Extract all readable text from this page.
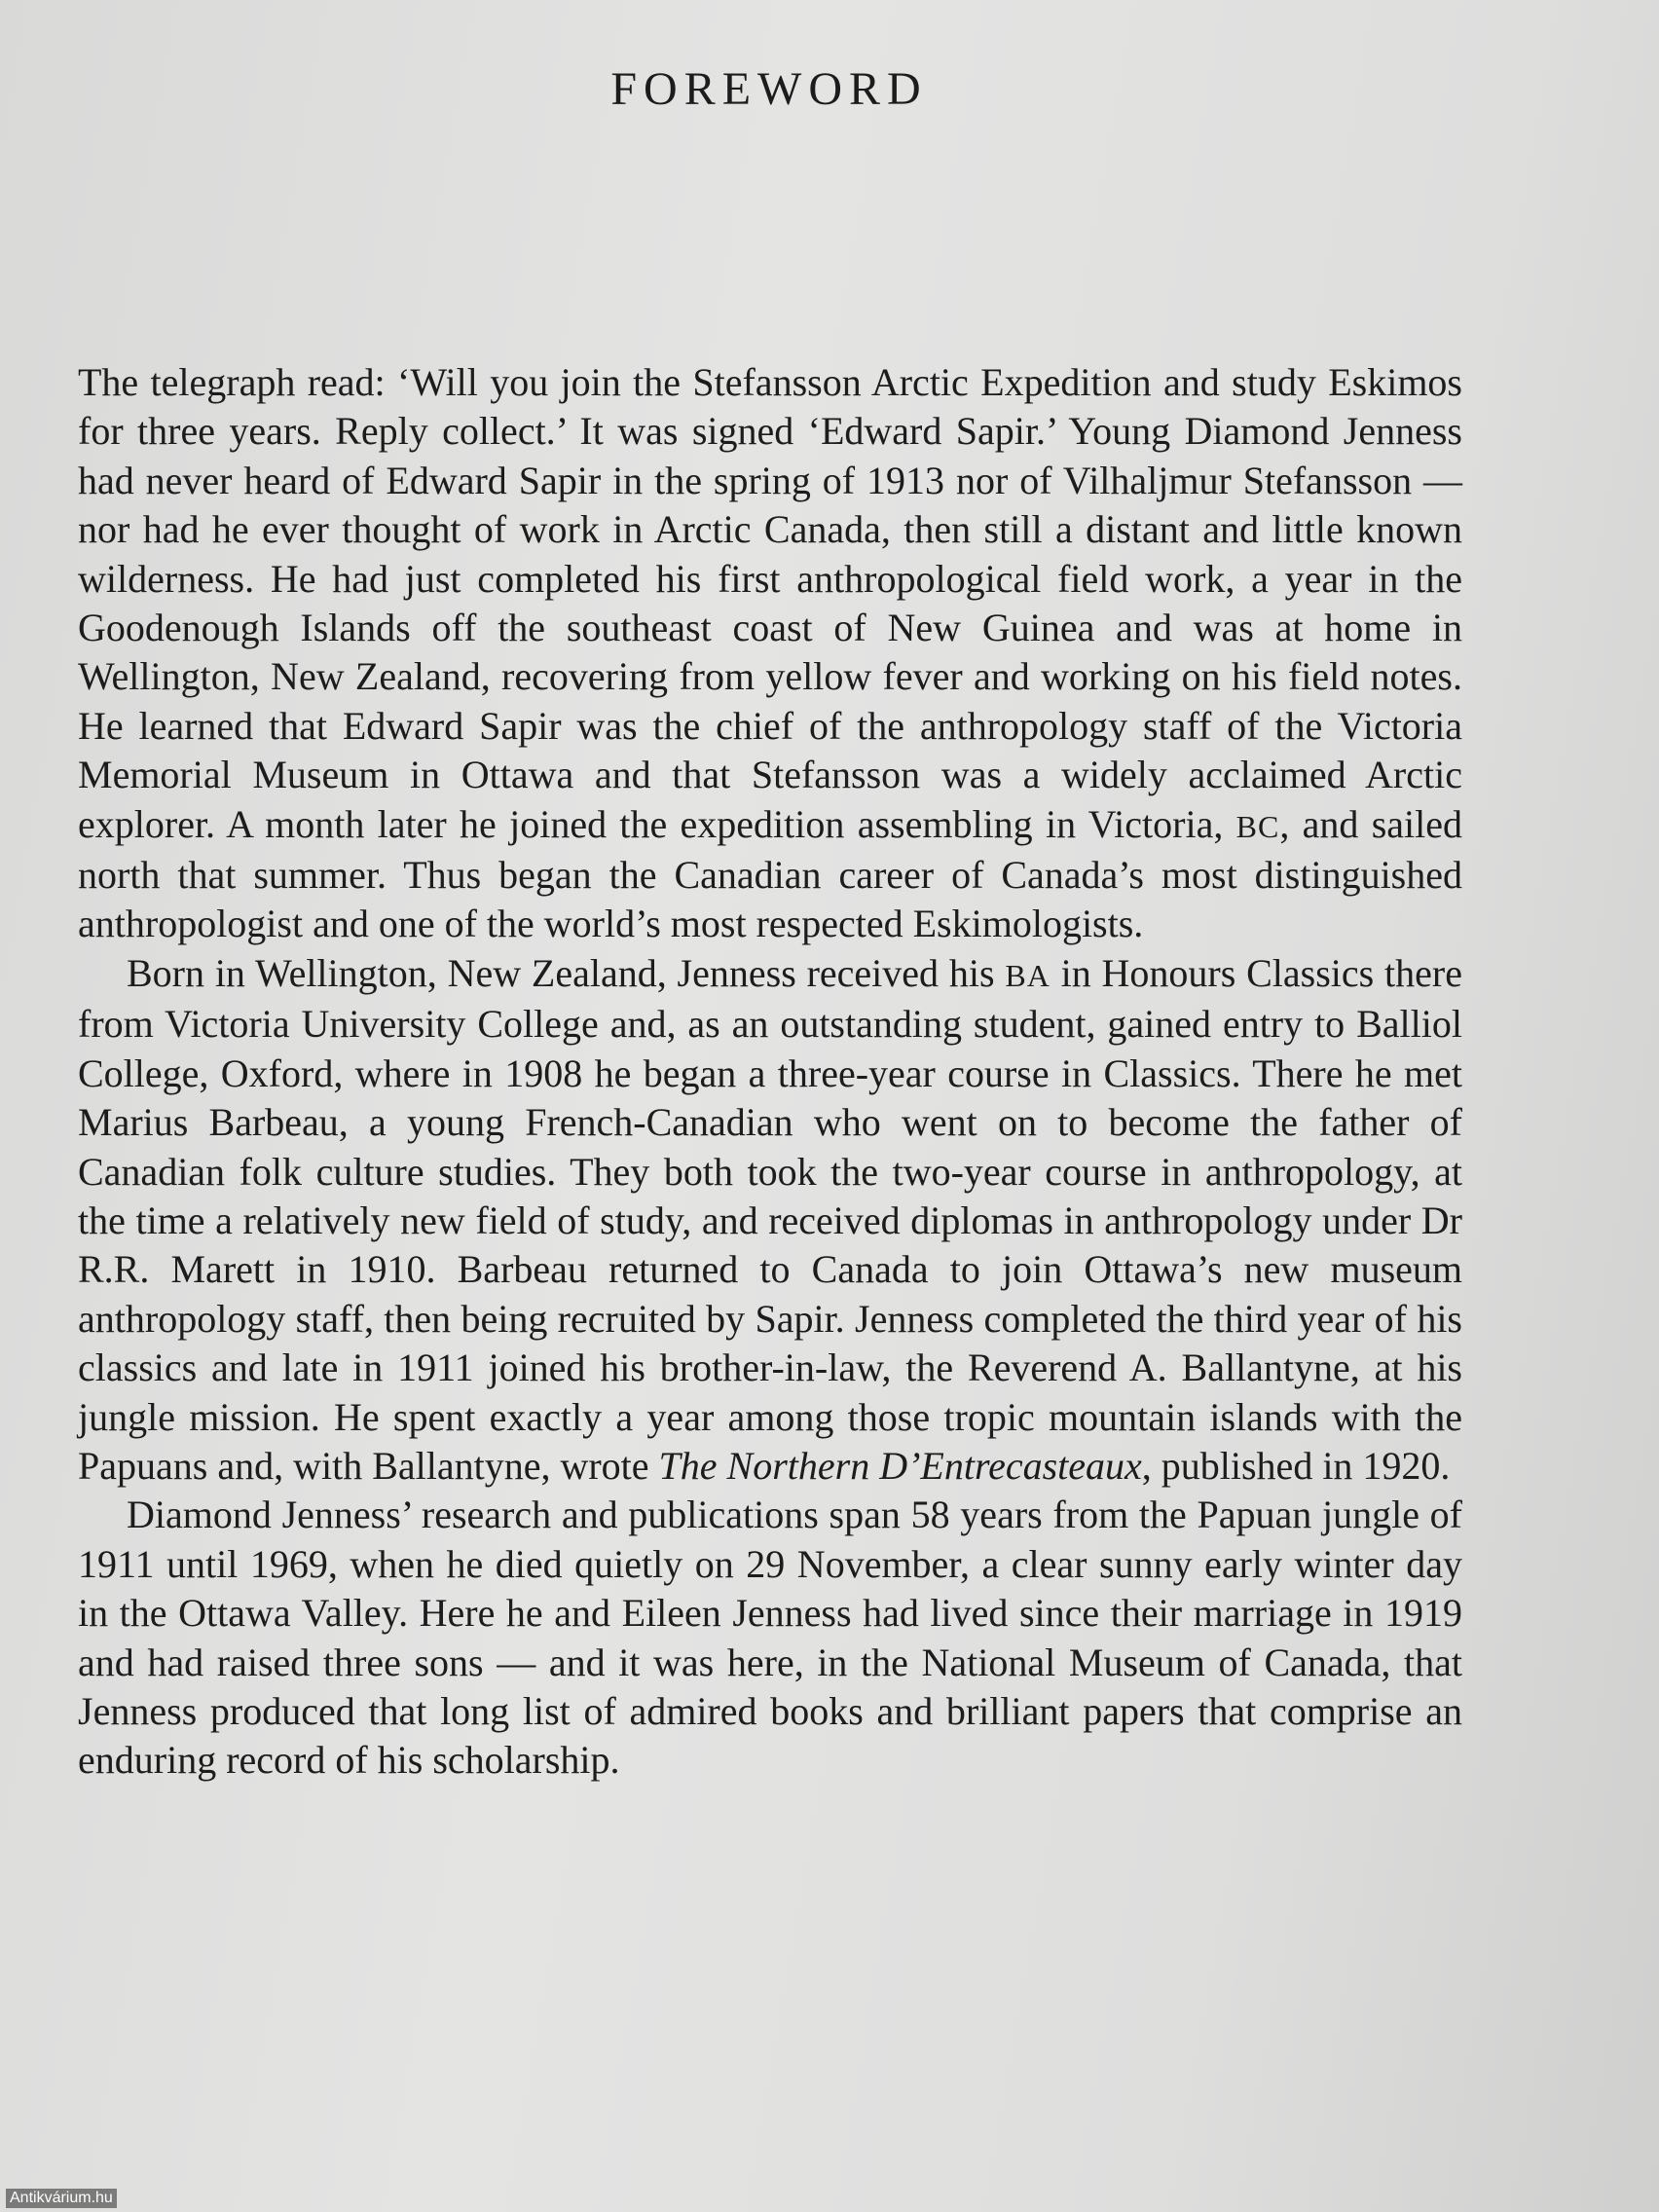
FOREWORD

The telegraph read: ‘Will you join the Stefansson Arctic Expedition and study Eskimos for three years. Reply collect.’ It was signed ‘Edward Sapir.’ Young Diamond Jenness had never heard of Edward Sapir in the spring of 1913 nor of Vilhaljmur Stefansson — nor had he ever thought of work in Arctic Canada, then still a distant and little known wilderness. He had just completed his first anthropological field work, a year in the Goodenough Islands off the southeast coast of New Guinea and was at home in Wellington, New Zealand, recovering from yellow fever and working on his field notes. He learned that Edward Sapir was the chief of the anthropology staff of the Victoria Memorial Museum in Ottawa and that Stefansson was a widely acclaimed Arctic explorer. A month later he joined the expedition assembling in Victoria, BC, and sailed north that summer. Thus began the Canadian career of Canada’s most distinguished anthropologist and one of the world’s most respected Eskimologists.

Born in Wellington, New Zealand, Jenness received his BA in Honours Classics there from Victoria University College and, as an outstanding student, gained entry to Balliol College, Oxford, where in 1908 he began a three-year course in Classics. There he met Marius Barbeau, a young French-Canadian who went on to become the father of Canadian folk culture studies. They both took the two-year course in anthropology, at the time a relatively new field of study, and received diplomas in anthropology under Dr R.R. Marett in 1910. Barbeau returned to Canada to join Ottawa’s new museum anthropology staff, then being recruited by Sapir. Jenness completed the third year of his classics and late in 1911 joined his brother-in-law, the Reverend A. Ballantyne, at his jungle mission. He spent exactly a year among those tropic mountain islands with the Papuans and, with Ballantyne, wrote The Northern D’Entrecasteaux, published in 1920.

Diamond Jenness’ research and publications span 58 years from the Papuan jungle of 1911 until 1969, when he died quietly on 29 November, a clear sunny early winter day in the Ottawa Valley. Here he and Eileen Jenness had lived since their marriage in 1919 and had raised three sons — and it was here, in the National Museum of Canada, that Jenness produced that long list of admired books and brilliant papers that comprise an enduring record of his scholarship.

Antikvárium.hu
